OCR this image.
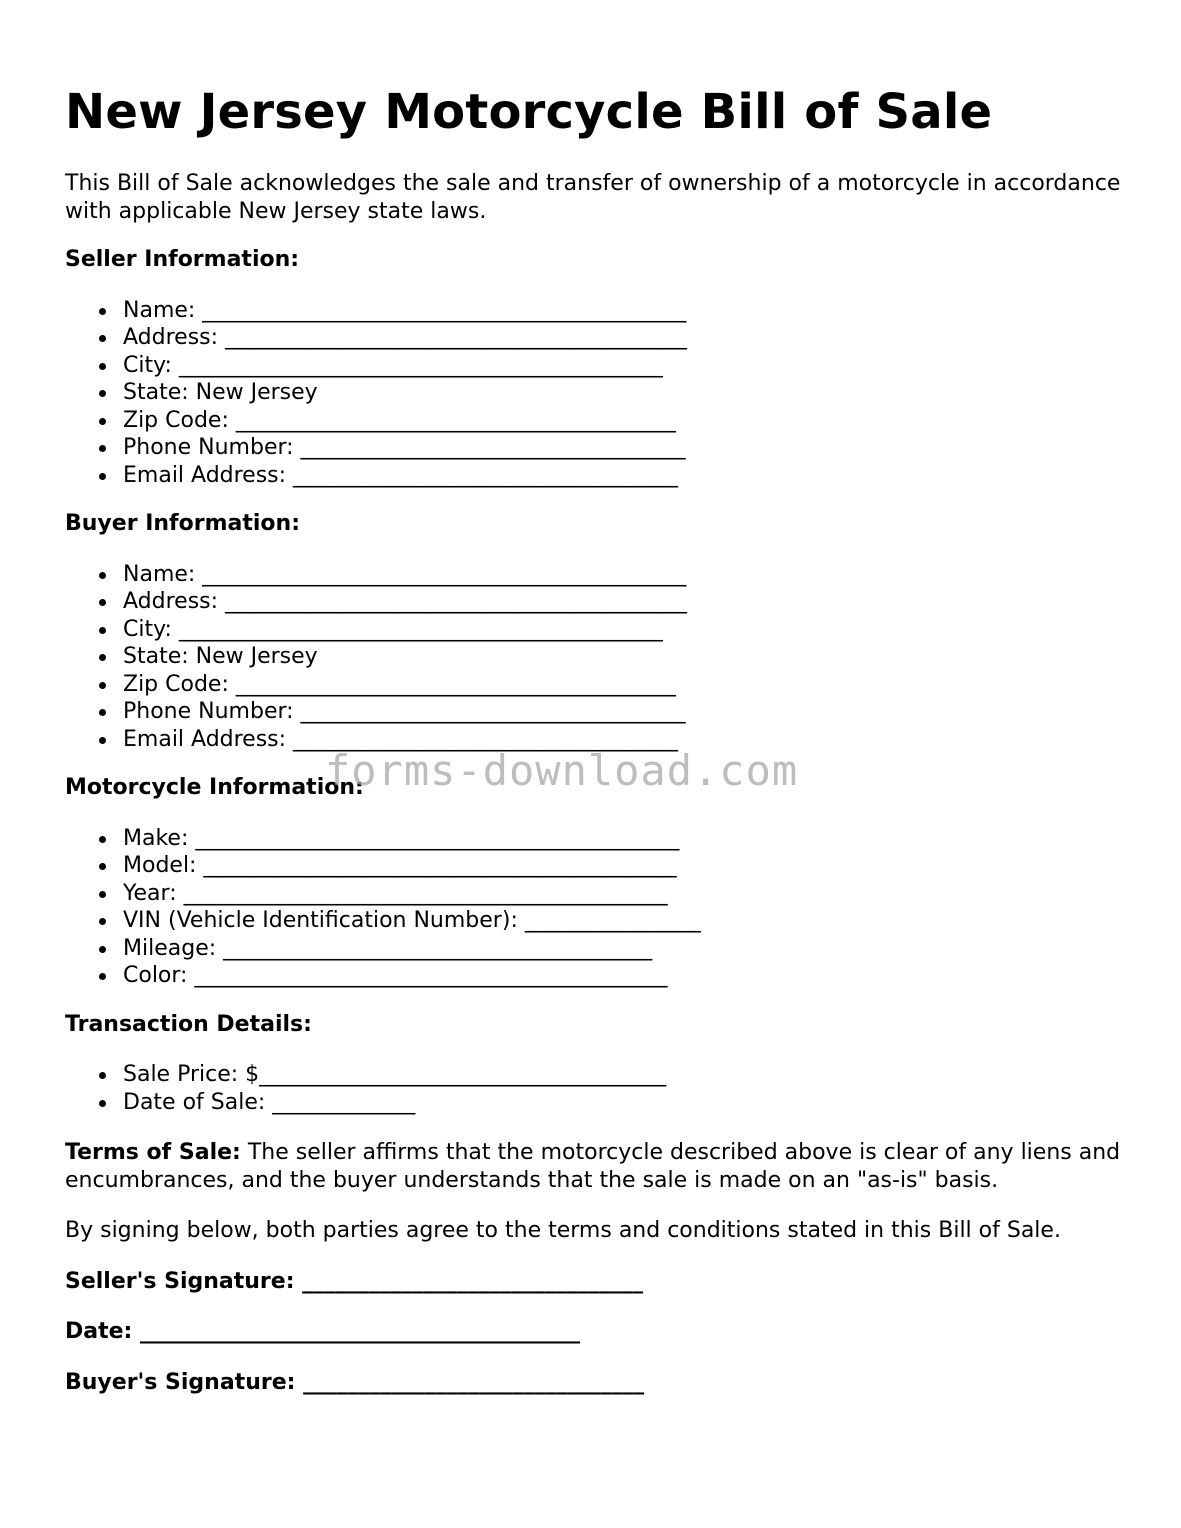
New Jersey Motorcycle Bill of Sale

This Bill of Sale acknowledges the sale and transfer of ownership of a motorcycle in accordance with applicable New Jersey state laws.

Seller Information:
Name: ____________________________________________
Address: __________________________________________
City: ____________________________________________
State: New Jersey
Zip Code: ________________________________________
Phone Number: ___________________________________
Email Address: ___________________________________
Buyer Information:
Name: ____________________________________________
Address: __________________________________________
City: ____________________________________________
State: New Jersey
Zip Code: ________________________________________
Phone Number: ___________________________________
Email Address: ___________________________________
Motorcycle Information:
Make: ____________________________________________
Model: ___________________________________________
Year: ____________________________________________
VIN (Vehicle Identification Number): ________________
Mileage: _______________________________________
Color: ___________________________________________
Transaction Details:
Sale Price: $_____________________________________
Date of Sale: _____________

Terms of Sale: The seller affirms that the motorcycle described above is clear of any liens and encumbrances, and the buyer understands that the sale is made on an "as-is" basis.

By signing below, both parties agree to the terms and conditions stated in this Bill of Sale.

Seller's Signature: _______________________________
Date: ________________________________________
Buyer's Signature: _______________________________
forms-download.com
